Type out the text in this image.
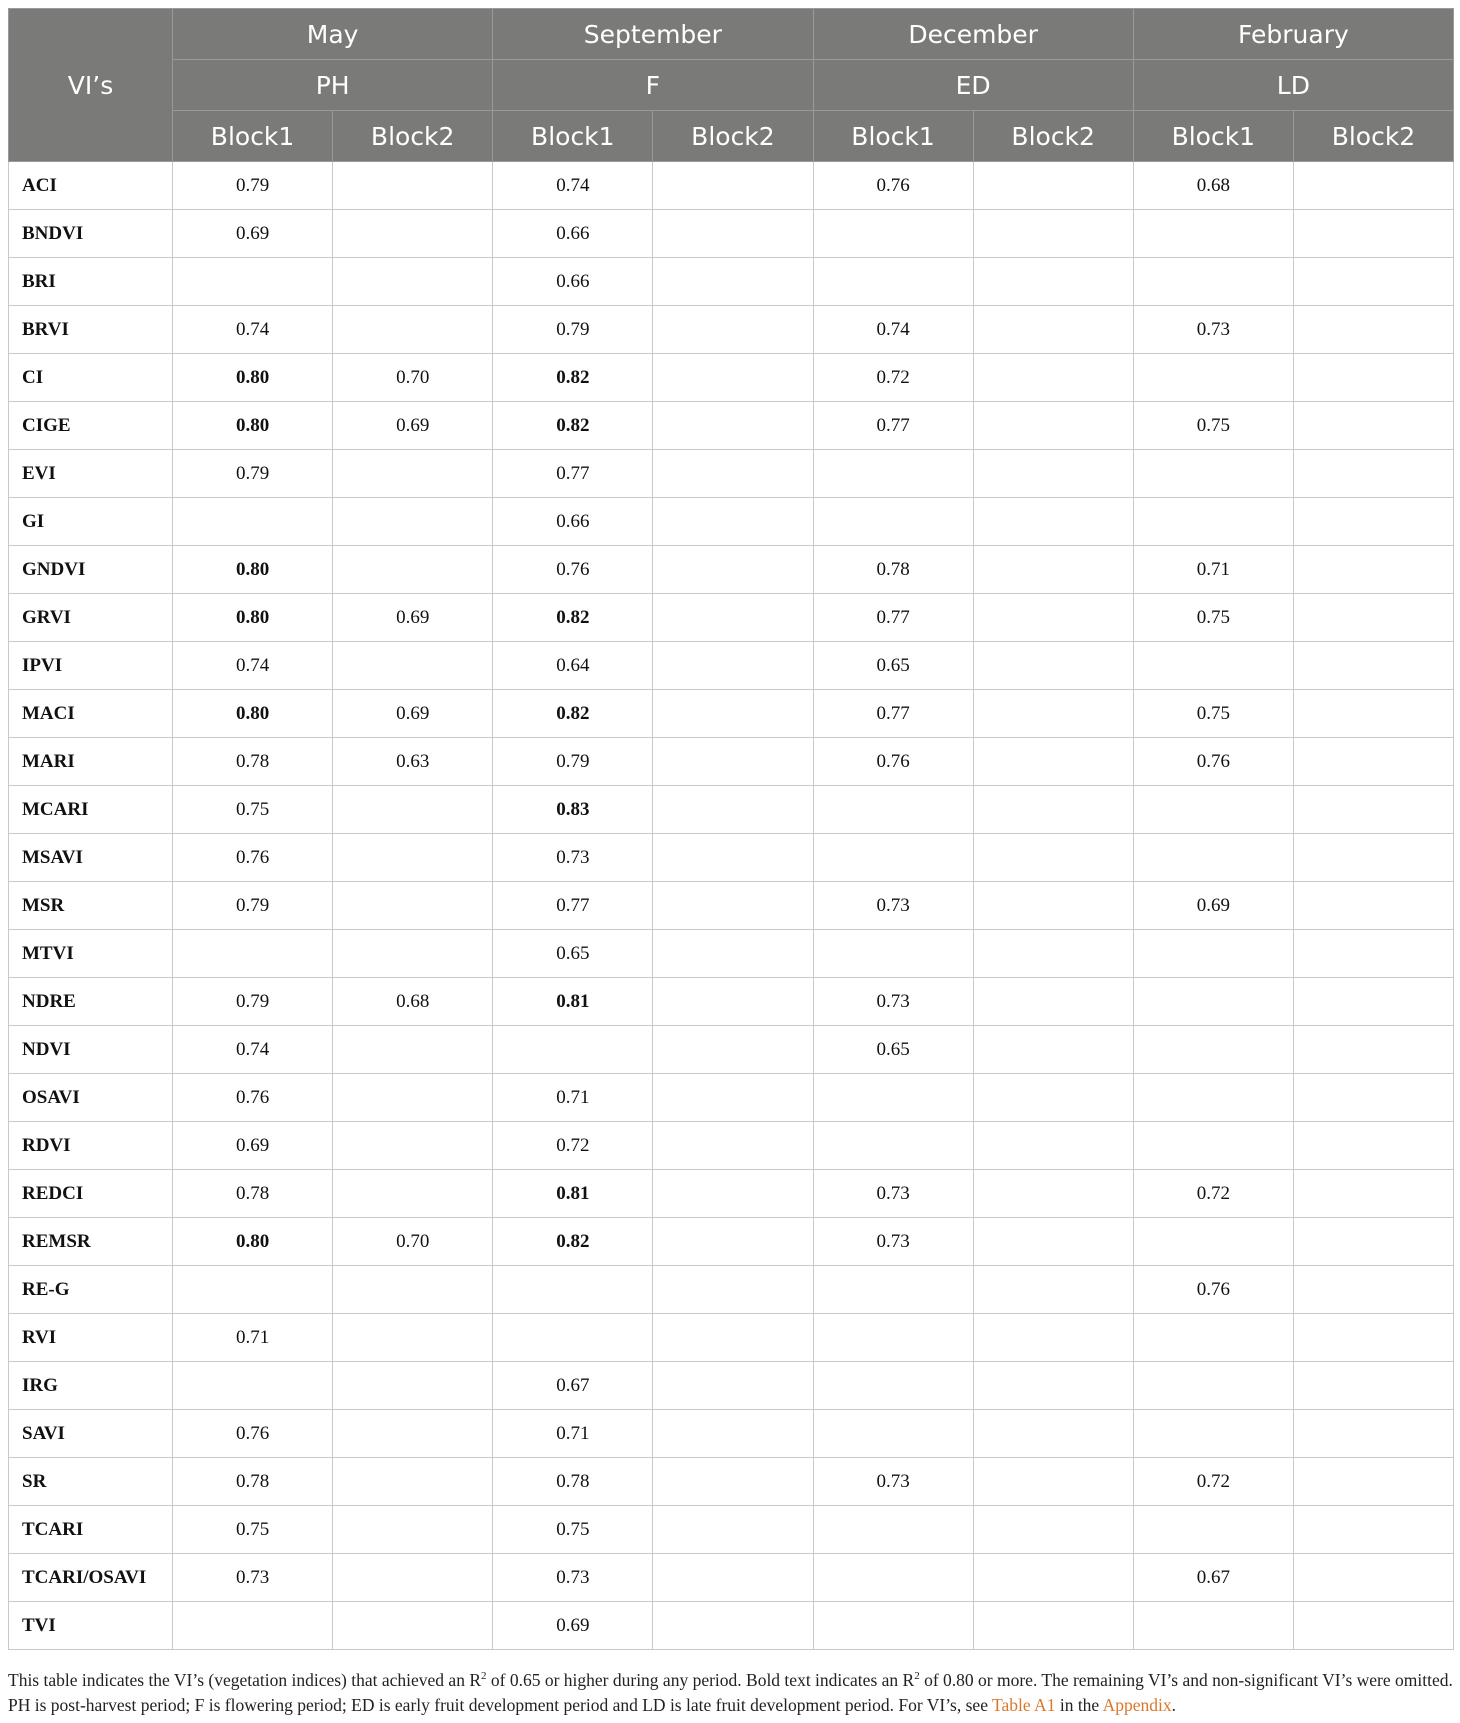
VI’s	May		September		December		February	
	PH		F		ED		LD	
	Block1	Block2	Block1	Block2	Block1	Block2	Block1	Block2
ACI	0.79		0.74		0.76		0.68	
BNDVI	0.69		0.66					
BRI			0.66					
BRVI	0.74		0.79		0.74		0.73	
CI	0.80	0.70	0.82		0.72			
CIGE	0.80	0.69	0.82		0.77		0.75	
EVI	0.79		0.77					
GI			0.66					
GNDVI	0.80		0.76		0.78		0.71	
GRVI	0.80	0.69	0.82		0.77		0.75	
IPVI	0.74		0.64		0.65			
MACI	0.80	0.69	0.82		0.77		0.75	
MARI	0.78	0.63	0.79		0.76		0.76	
MCARI	0.75		0.83					
MSAVI	0.76		0.73					
MSR	0.79		0.77		0.73		0.69	
MTVI			0.65					
NDRE	0.79	0.68	0.81		0.73			
NDVI	0.74				0.65			
OSAVI	0.76		0.71					
RDVI	0.69		0.72					
REDCI	0.78		0.81		0.73		0.72	
REMSR	0.80	0.70	0.82		0.73			
RE-G							0.76	
RVI	0.71							
IRG			0.67					
SAVI	0.76		0.71					
SR	0.78		0.78		0.73		0.72	
TCARI	0.75		0.75					
TCARI/OSAVI	0.73		0.73				0.67	
TVI			0.69					
This table indicates the VI’s (vegetation indices) that achieved an $R^2$ of 0.65 or higher during any period. Bold text indicates an $R^2$ of 0.80 or more. The remaining VI’s and non-significant VI’s were omitted. PH is post-harvest period; F is flowering period; ED is early fruit development period and LD is late fruit development period. For VI’s, see Table A1 in the Appendix.
